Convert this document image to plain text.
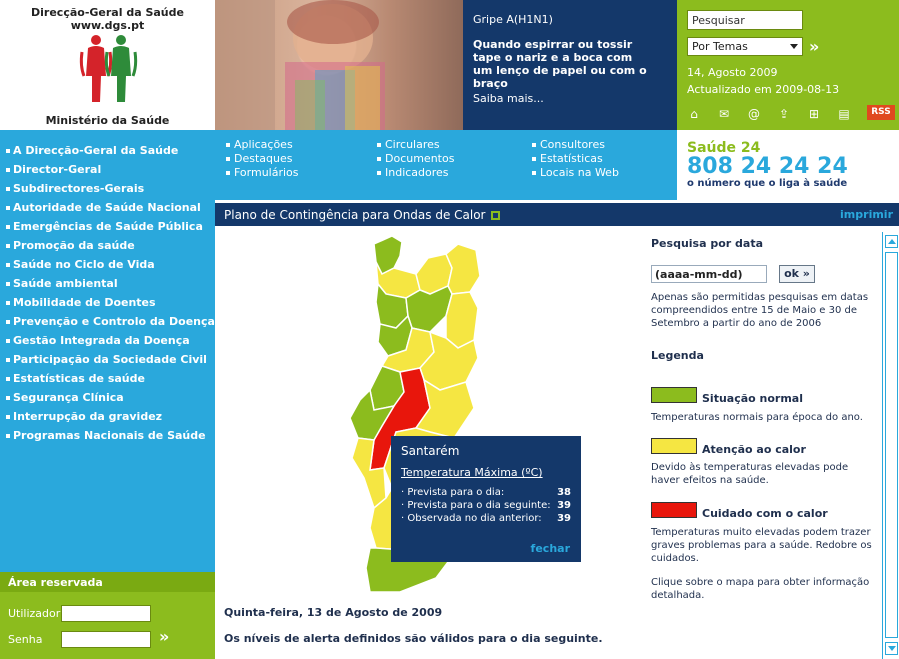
Direcção-Geral da Saúde
www.dgs.pt
Ministério da Saúde
Gripe A(H1N1)
Quando espirrar ou tossir
tape o nariz e a boca com
um lenço de papel ou com o braço
Saiba mais...
Pesquisar
Por Temas	»
14, Agosto 2009
Actualizado em 2009-08-13
⌂	✉	@	⇪	⊞	▤	RSS
A Direcção-Geral da Saúde
Director-Geral
Subdirectores-Gerais
Autoridade de Saúde Nacional
Emergências de Saúde Pública
Promoção da saúde
Saúde no Ciclo de Vida
Saúde ambiental
Mobilidade de Doentes
Prevenção e Controlo da Doença
Gestão Integrada da Doença
Participação da Sociedade Civil
Estatísticas de saúde
Segurança Clínica
Interrupção da gravidez
Programas Nacionais de Saúde
Área reservada
Utilizador
Senha	»
Aplicações
Destaques
Formulários
Circulares
Documentos
Indicadores
Consultores
Estatísticas
Locais na Web
Saúde 24
808 24 24 24
o número que o liga à saúde
Plano de Contingência para Ondas de Calor	imprimir
Santarém
Temperatura Máxima (ºC)
· Prevista para o dia:	38
· Prevista para o dia seguinte: 39
· Observada no dia anterior: 39
fechar
Quinta-feira, 13 de Agosto de 2009
Os níveis de alerta definidos são válidos para o dia seguinte.
Pesquisa por data
(aaaa-mm-dd)
ok »
Apenas são permitidas pesquisas em datas compreendidos entre 15 de Maio e 30 de Setembro a partir do ano de 2006
Legenda
Situação normal
Temperaturas normais para época do ano.
Atenção ao calor
Devido às temperaturas elevadas pode haver efeitos na saúde.
Cuidado com o calor
Temperaturas muito elevadas podem trazer graves problemas para a saúde. Redobre os cuidados.
Clique sobre o mapa para obter informação detalhada.
